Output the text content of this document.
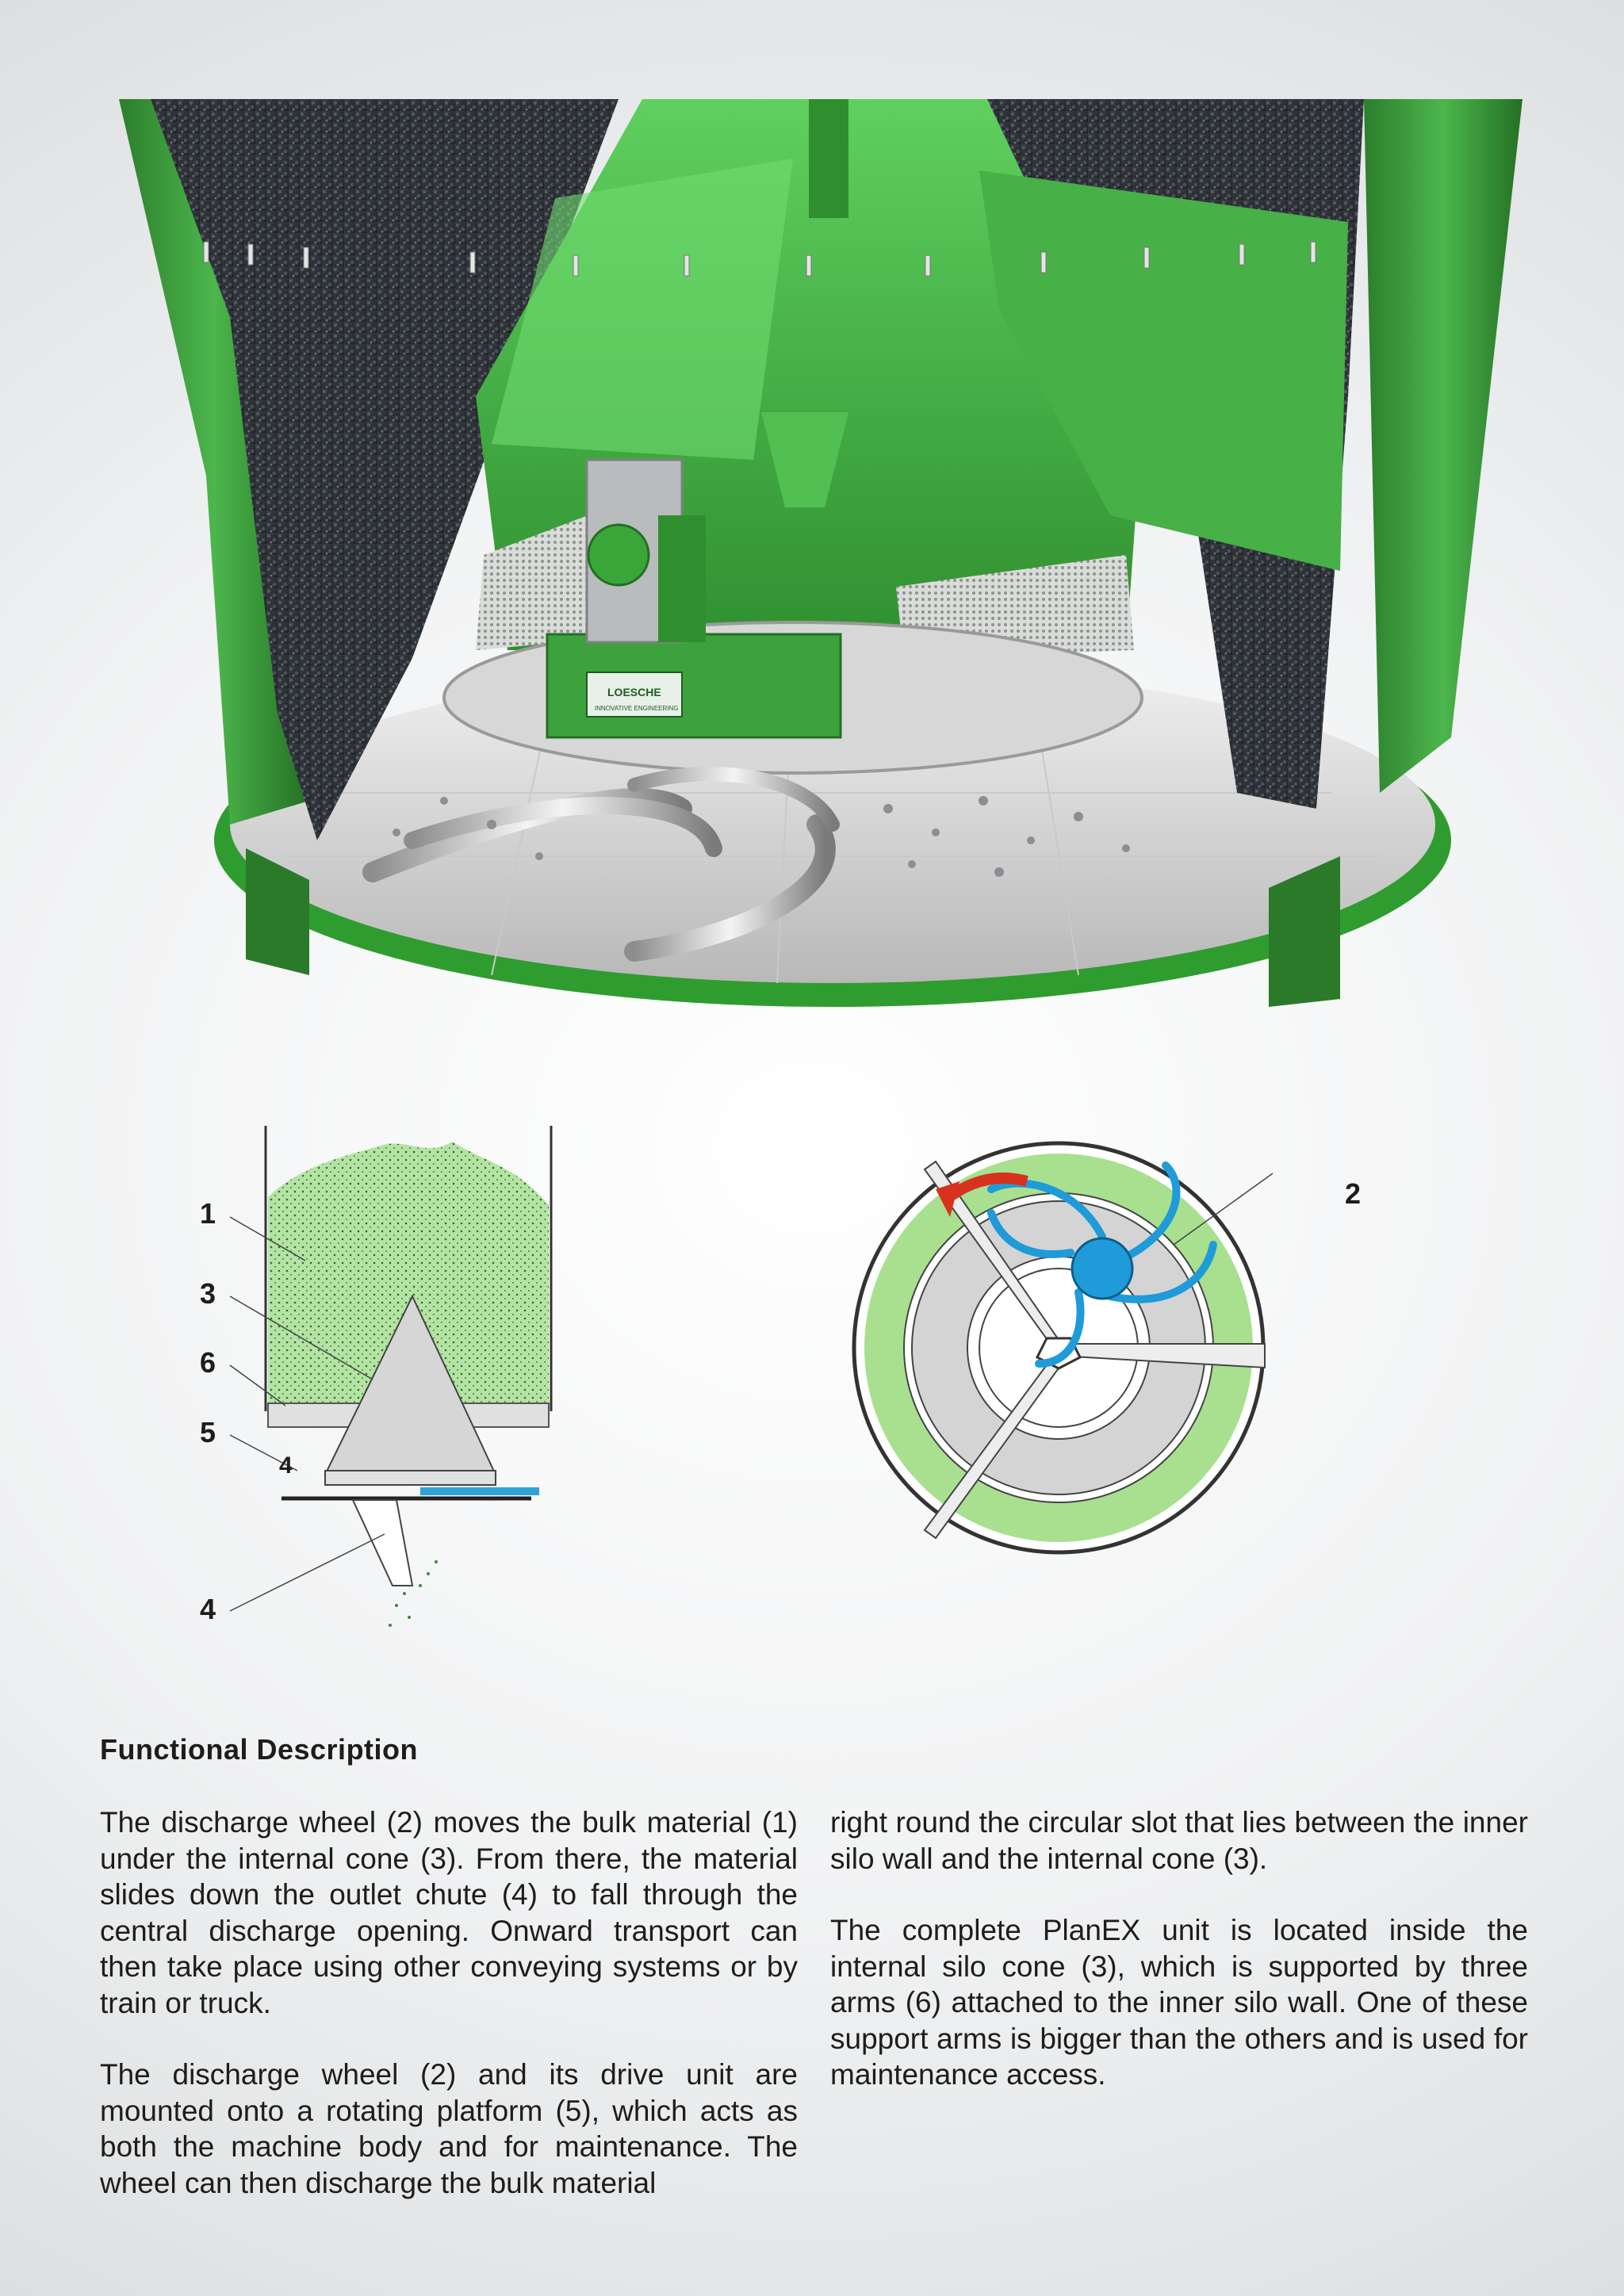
LOESCHE
INNOVATIVE ENGINEERING
1
3
6
5
4
4
2
Functional Description

The discharge wheel (2) moves the bulk material (1) under the internal cone (3). From there, the material slides down the outlet chute (4) to fall through the central discharge opening. Onward transport can then take place using other conveying systems or by train or truck.

The discharge wheel (2) and its drive unit are mounted onto a rotating platform (5), which acts as both the machine body and for maintenance. The wheel can then discharge the bulk material

right round the circular slot that lies between the inner silo wall and the internal cone (3).

The complete PlanEX unit is located inside the internal silo cone (3), which is supported by three arms (6) attached to the inner silo wall. One of these support arms is bigger than the others and is used for maintenance access.
